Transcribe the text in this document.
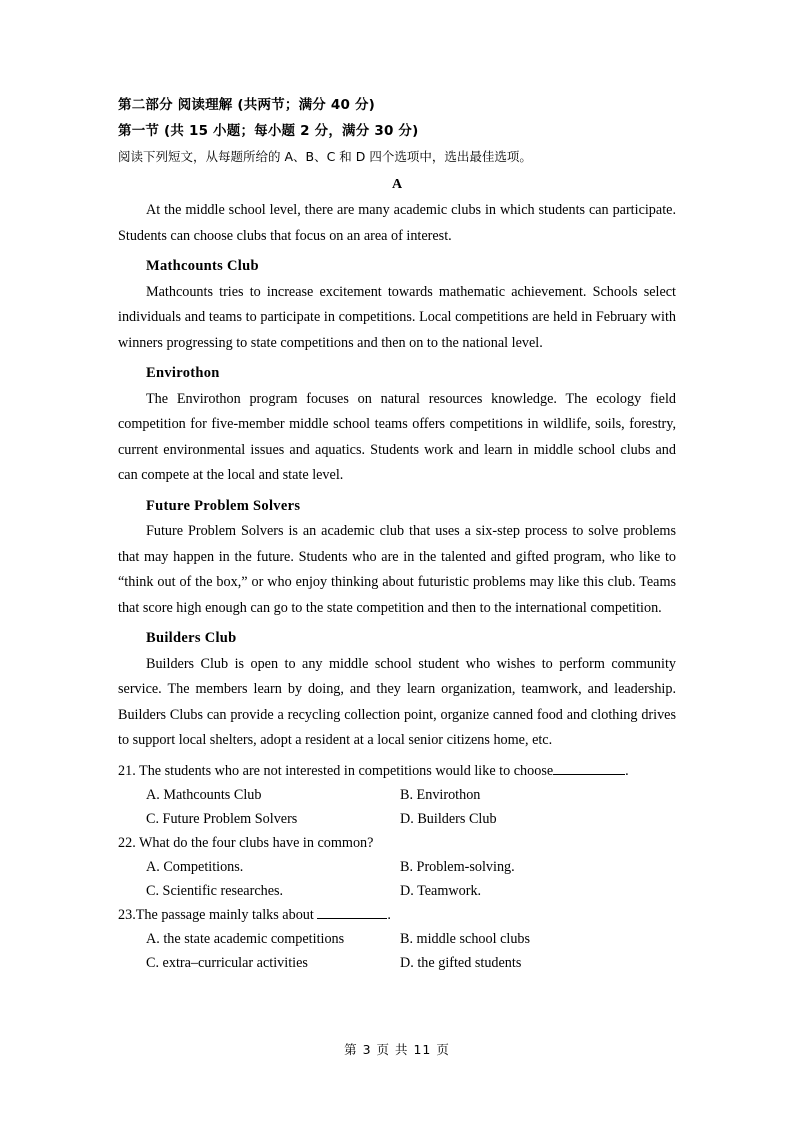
第二部分 阅读理解 (共两节；满分 40 分)
第一节 (共 15 小题；每小题 2 分，满分 30 分)
阅读下列短文，从每题所给的 A、B、C 和 D 四个选项中，选出最佳选项。
A

At the middle school level, there are many academic clubs in which students can participate. Students can choose clubs that focus on an area of interest.

Mathcounts Club

Mathcounts tries to increase excitement towards mathematic achievement. Schools select individuals and teams to participate in competitions. Local competitions are held in February with winners progressing to state competitions and then on to the national level.

Envirothon

The Envirothon program focuses on natural resources knowledge. The ecology field competition for five-member middle school teams offers competitions in wildlife, soils, forestry, current environmental issues and aquatics. Students work and learn in middle school clubs and can compete at the local and state level.

Future Problem Solvers

Future Problem Solvers is an academic club that uses a six-step process to solve problems that may happen in the future. Students who are in the talented and gifted program, who like to “think out of the box,” or who enjoy thinking about futuristic problems may like this club. Teams that score high enough can go to the state competition and then to the international competition.

Builders Club

Builders Club is open to any middle school student who wishes to perform community service. The members learn by doing, and they learn organization, teamwork, and leadership. Builders Clubs can provide a recycling collection point, organize canned food and clothing drives to support local shelters, adopt a resident at a local senior citizens home, etc.

21. The students who are not interested in competitions would like to choose	.

A. Mathcounts Club	B. Envirothon
C. Future Problem Solvers	D. Builders Club

22. What do the four clubs have in common?

A. Competitions.	B. Problem-solving.
C. Scientific researches.	D. Teamwork.

23.The passage mainly talks about	.

A. the state academic competitions	B. middle school clubs
C. extra–curricular activities	D. the gifted students
第 3 页 共 11 页
